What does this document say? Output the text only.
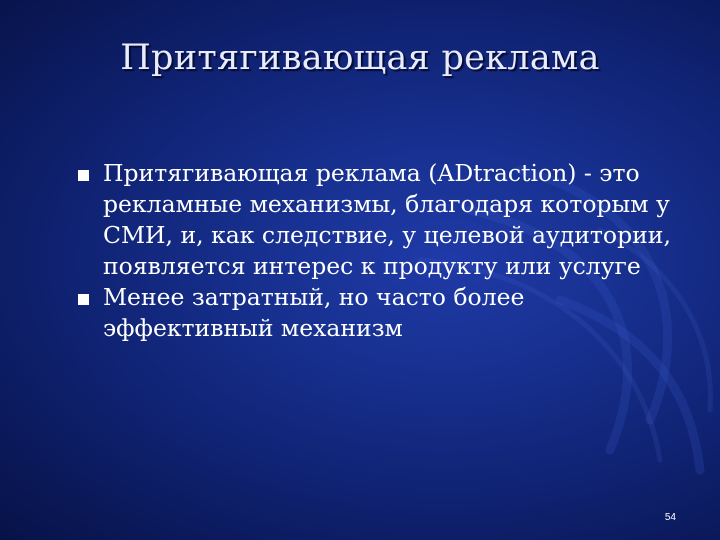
Притягивающая реклама
Притягивающая реклама (ADtraction) - это рекламные механизмы, благодаря которым у СМИ, и, как следствие, у целевой аудитории, появляется интерес к продукту или услуге
Менее затратный, но часто более эффективный механизм
54
